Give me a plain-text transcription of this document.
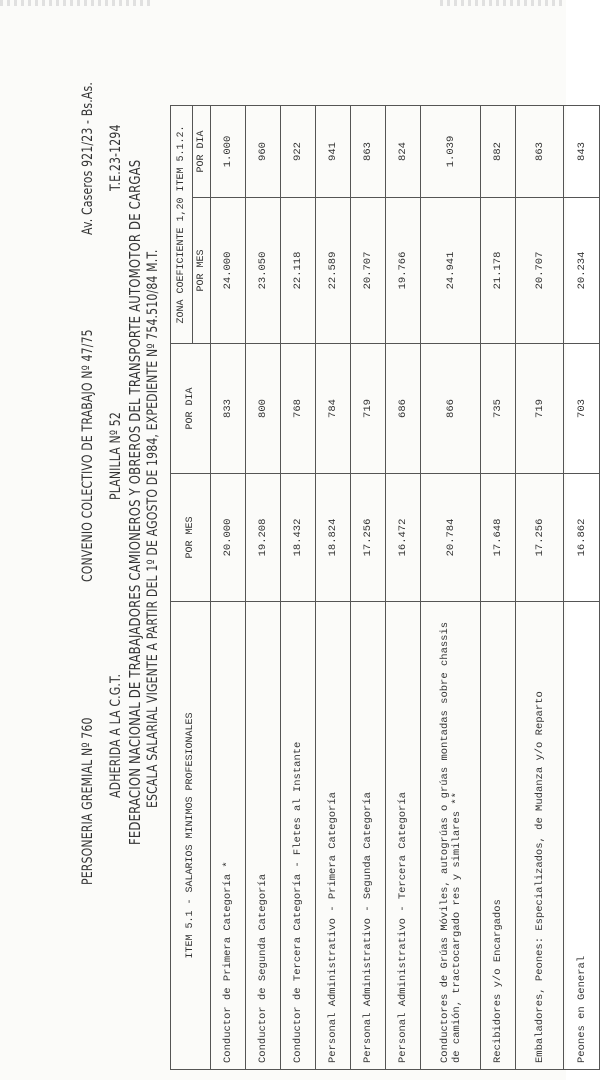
FEDERACION NACIONAL DE TRABAJADORES CAMIONEROS Y OBREROS DEL TRANSPORTE AUTOMOTOR DE CARGAS
PERSONERIA GREMIAL Nº 760
CONVENIO COLECTIVO DE TRABAJO Nº 47/75
Av. Caseros 921/23 - Bs.As.
ADHERIDA A LA C.G.T.
PLANILLA Nº 52
T.E.23-1294
ESCALA SALARIAL VIGENTE A PARTIR DEL 1º DE AGOSTO DE 1984, EXPEDIENTE Nº 754.510/84 M.T.
ITEM 5.1 - SALARIOS MINIMOS PROFESIONALES	POR MES	POR DIA	ZONA COEFICIENTE 1,20 ITEM 5.1.2.	
			POR MES	POR DIA
Conductor de Primera Categoría *	20.000	833	24.000	1.000
Conductor de Segunda Categoría	19.208	800	23.050	960
Conductor de Tercera Categoría - Fletes al Instante	18.432	768	22.118	922
Personal Administrativo - Primera Categoría	18.824	784	22.589	941
Personal Administrativo - Segunda Categoría	17.256	719	20.707	863
Personal Administrativo - Tercera Categoría	16.472	686	19.766	824
Conductores de Grúas Móviles, autogrúas o grúas montadas sobre chassis de camión, tractocargado res y similares **	20.784	866	24.941	1.039
Recibidores y/o Encargados	17.648	735	21.178	882
Embaladores, Peones: Especializados, de Mudanza y/o Reparto	17.256	719	20.707	863
Peones en General	16.862	703	20.234	843
